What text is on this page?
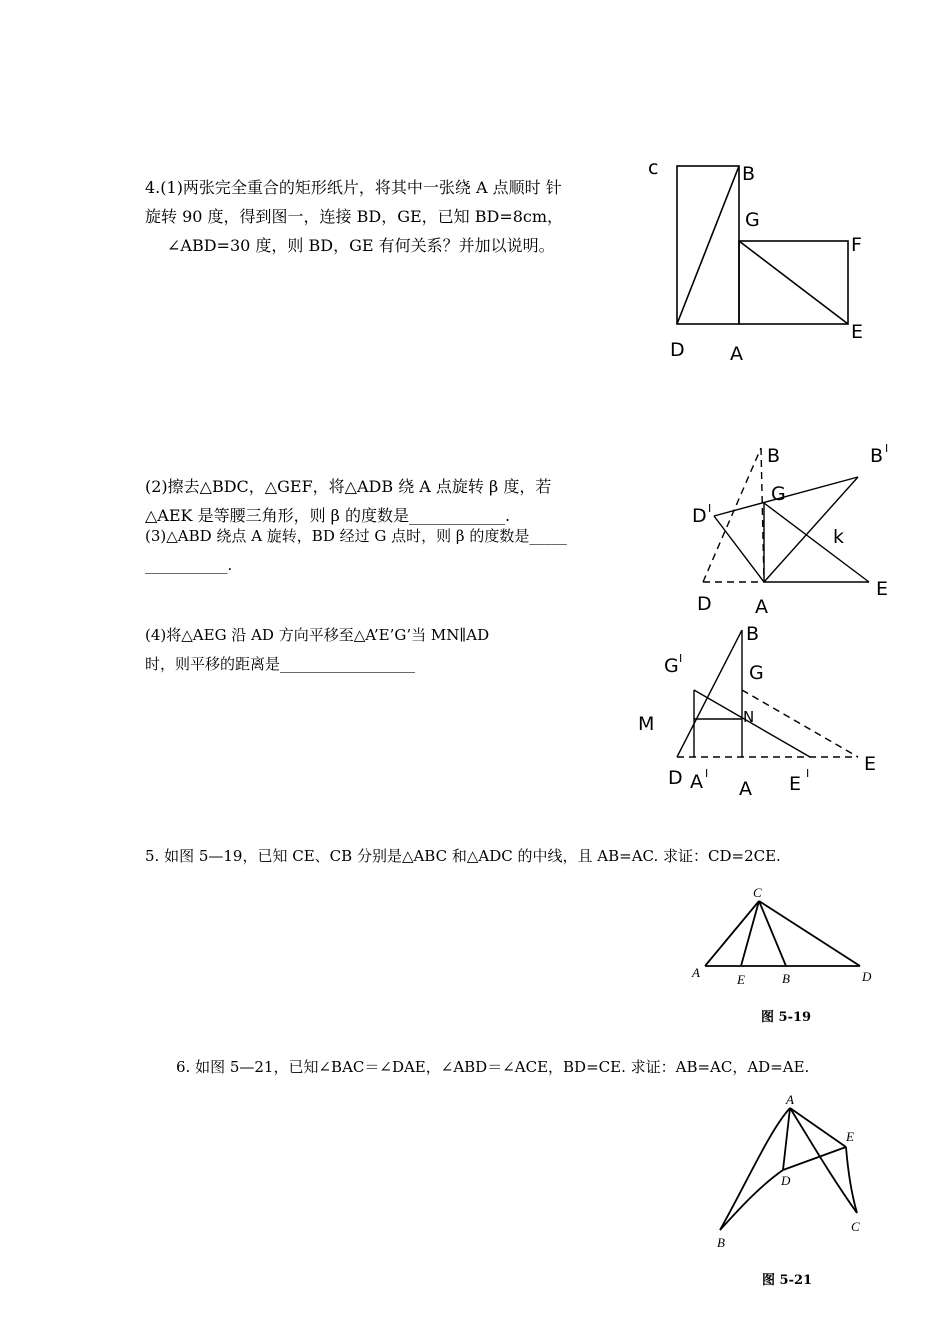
4.(1)两张完全重合的矩形纸片，将其中一张绕 A 点顺时 针
旋转 90 度，得到图一，连接 BD，GE，已知 BD=8cm，
∠ABD=30 度，则 BD，GE 有何关系？并加以说明。
(2)擦去△BDC，△GEF，将△ADB 绕 A 点旋转 β 度，若
△AEK 是等腰三角形，则 β 的度数是____________.
(3)△ABD 绕点 A 旋转，BD 经过 G 点时，则 β 的度数是_____
___________.
(4)将△AEG 沿 AD 方向平移至△A’E’G’当 MN∥AD
时，则平移的距离是__________________
5. 如图 5—19，已知 CE、CB 分别是△ABC 和△ADC 的中线，且 AB=AC. 求证：CD=2CE.
6. 如图 5—21，已知∠BAC＝∠DAE，∠ABD＝∠ACE，BD=CE. 求证：AB=AC，AD=AE.
c	B
G
F
D A
E
B	B
G
D
k
D A
E
I
I
B
G	G
M	N
D A A E
E
I
I	I
C
A	E	B	D
图 5-19
A
E
D
B
C
图 5-21
